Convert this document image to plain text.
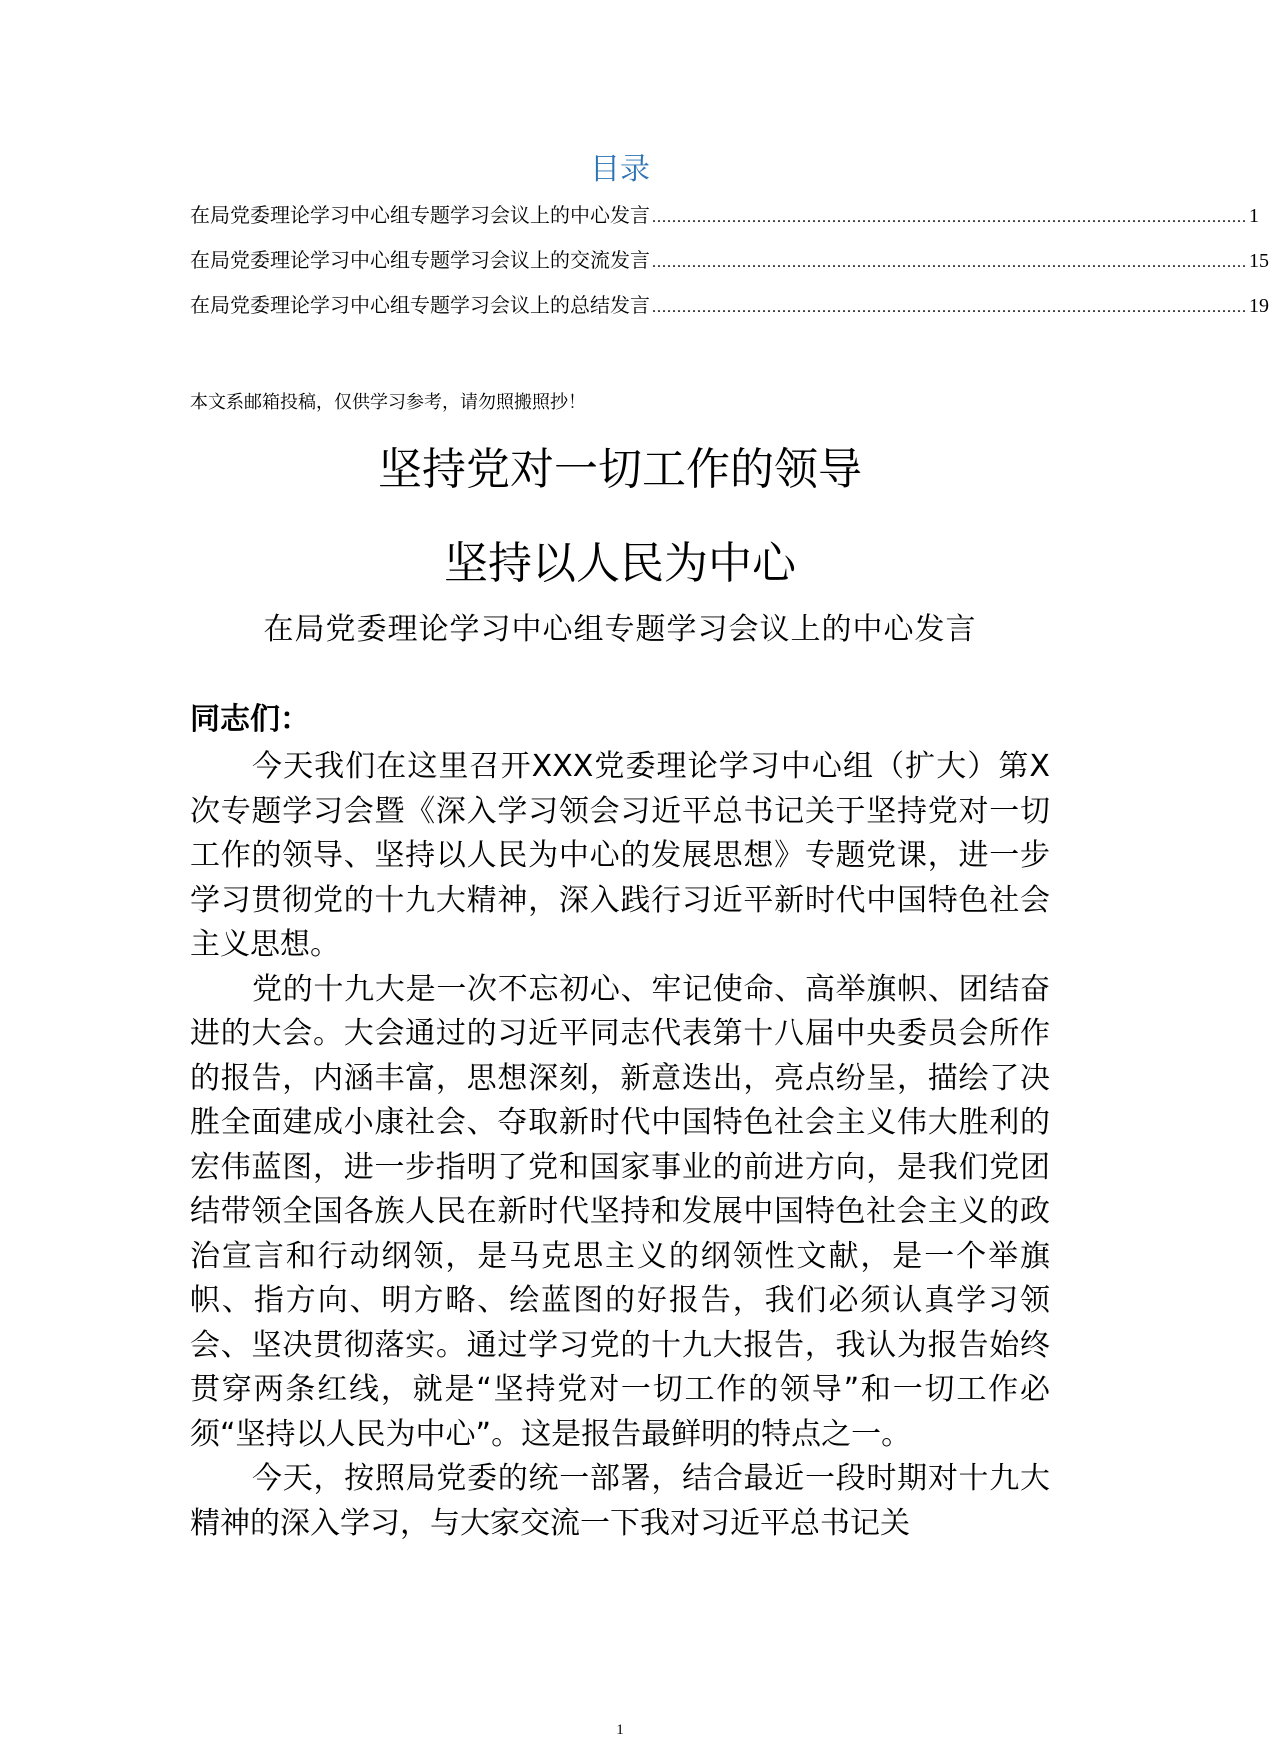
目录
在局党委理论学习中心组专题学习会议上的中心发言 ....................................................................................................................... 1
在局党委理论学习中心组专题学习会议上的交流发言 ....................................................................................................................... 15
在局党委理论学习中心组专题学习会议上的总结发言 ....................................................................................................................... 19
本文系邮箱投稿，仅供学习参考，请勿照搬照抄！
坚持党对一切工作的领导
坚持以人民为中心
在局党委理论学习中心组专题学习会议上的中心发言
同志们：

今天我们在这里召开XXX党委理论学习中心组（扩大）第X次专题学习会暨《深入学习领会习近平总书记关于坚持党对一切工作的领导、坚持以人民为中心的发展思想》专题党课，进一步学习贯彻党的十九大精神，深入践行习近平新时代中国特色社会主义思想。

党的十九大是一次不忘初心、牢记使命、高举旗帜、团结奋进的大会。大会通过的习近平同志代表第十八届中央委员会所作的报告，内涵丰富，思想深刻，新意迭出，亮点纷呈，描绘了决胜全面建成小康社会、夺取新时代中国特色社会主义伟大胜利的宏伟蓝图，进一步指明了党和国家事业的前进方向，是我们党团结带领全国各族人民在新时代坚持和发展中国特色社会主义的政治宣言和行动纲领，是马克思主义的纲领性文献，是一个举旗帜、指方向、明方略、绘蓝图的好报告，我们必须认真学习领会、坚决贯彻落实。通过学习党的十九大报告，我认为报告始终贯穿两条红线，就是“坚持党对一切工作的领导”和一切工作必须“坚持以人民为中心”。这是报告最鲜明的特点之一。

今天，按照局党委的统一部署，结合最近一段时期对十九大精神的深入学习，与大家交流一下我对习近平总书记关

1
